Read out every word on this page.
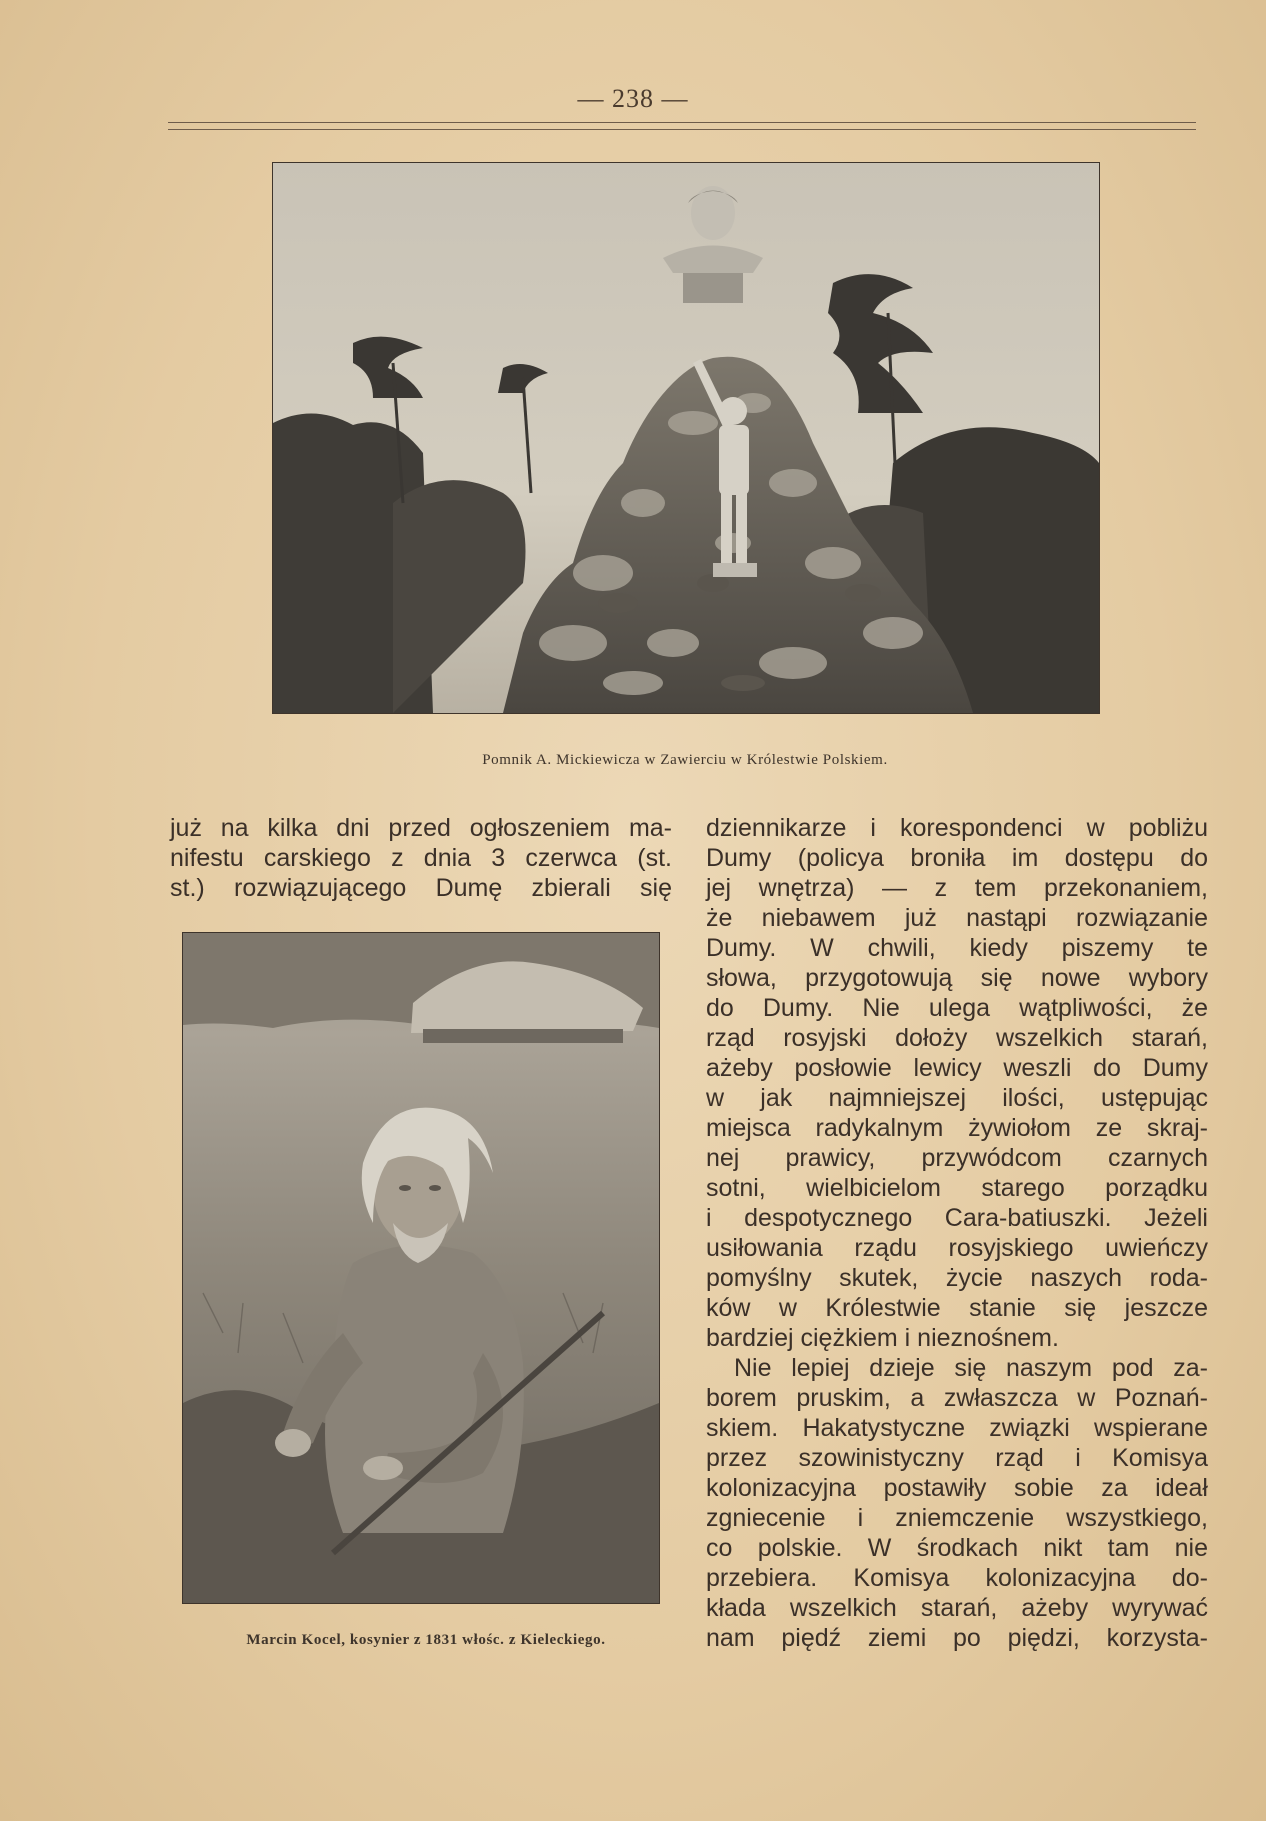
— 238 —
Pomnik A. Mickiewicza w Zawierciu w Królestwie Polskiem.
już na kilka dni przed ogłoszeniem ma-
nifestu carskiego z dnia 3 czerwca (st.
st.) rozwiązującego Dumę zbierali się
Marcin Kocel, kosynier z 1831 włośc. z Kieleckiego.
dziennikarze i korespondenci w pobliżu
Dumy (policya broniła im dostępu do
jej wnętrza) — z tem przekonaniem,
że niebawem już nastąpi rozwiązanie
Dumy. W chwili, kiedy piszemy te
słowa, przygotowują się nowe wybory
do Dumy. Nie ulega wątpliwości, że
rząd rosyjski dołoży wszelkich starań,
ażeby posłowie lewicy weszli do Dumy
w jak najmniejszej ilości, ustępując
miejsca radykalnym żywiołom ze skraj-
nej prawicy, przywódcom czarnych
sotni, wielbicielom starego porządku
i despotycznego Cara-batiuszki. Jeżeli
usiłowania rządu rosyjskiego uwieńczy
pomyślny skutek, życie naszych roda-
ków w Królestwie stanie się jeszcze
bardziej ciężkiem i nieznośnem.
Nie lepiej dzieje się naszym pod za-
borem pruskim, a zwłaszcza w Poznań-
skiem. Hakatystyczne związki wspierane
przez szowinistyczny rząd i Komisya
kolonizacyjna postawiły sobie za ideał
zgniecenie i zniemczenie wszystkiego,
co polskie. W środkach nikt tam nie
przebiera. Komisya kolonizacyjna do-
kłada wszelkich starań, ażeby wyrywać
nam piędź ziemi po piędzi, korzysta-
